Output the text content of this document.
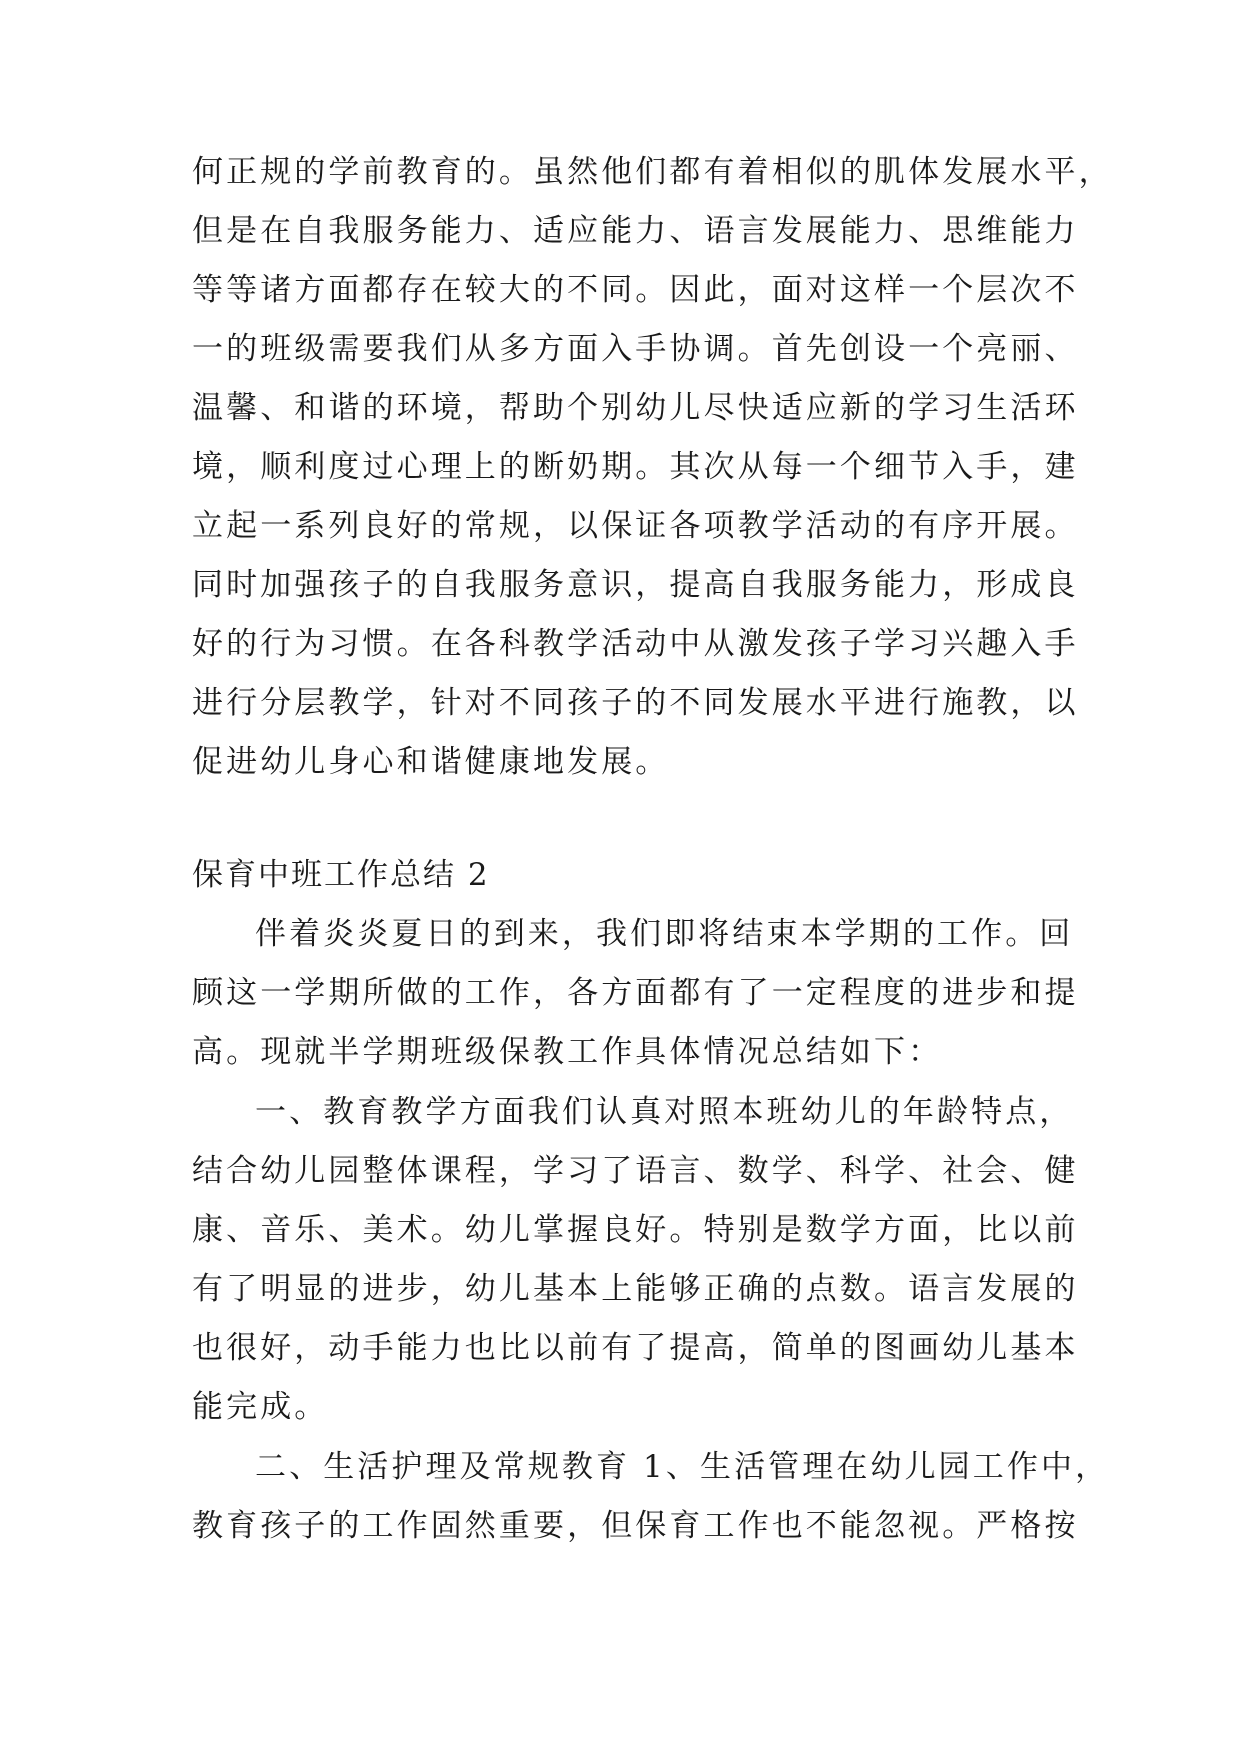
何正规的学前教育的。虽然他们都有着相似的肌体发展水平，
但是在自我服务能力、适应能力、语言发展能力、思维能力
等等诸方面都存在较大的不同。因此，面对这样一个层次不
一的班级需要我们从多方面入手协调。首先创设一个亮丽、
温馨、和谐的环境，帮助个别幼儿尽快适应新的学习生活环
境，顺利度过心理上的断奶期。其次从每一个细节入手，建
立起一系列良好的常规，以保证各项教学活动的有序开展。
同时加强孩子的自我服务意识，提高自我服务能力，形成良
好的行为习惯。在各科教学活动中从激发孩子学习兴趣入手
进行分层教学，针对不同孩子的不同发展水平进行施教，以
促进幼儿身心和谐健康地发展。
保育中班工作总结 2
伴着炎炎夏日的到来，我们即将结束本学期的工作。回
顾这一学期所做的工作，各方面都有了一定程度的进步和提
高。现就半学期班级保教工作具体情况总结如下：
一、教育教学方面我们认真对照本班幼儿的年龄特点，
结合幼儿园整体课程，学习了语言、数学、科学、社会、健
康、音乐、美术。幼儿掌握良好。特别是数学方面，比以前
有了明显的进步，幼儿基本上能够正确的点数。语言发展的
也很好，动手能力也比以前有了提高，简单的图画幼儿基本
能完成。
二、生活护理及常规教育 1、生活管理在幼儿园工作中，
教育孩子的工作固然重要，但保育工作也不能忽视。严格按
